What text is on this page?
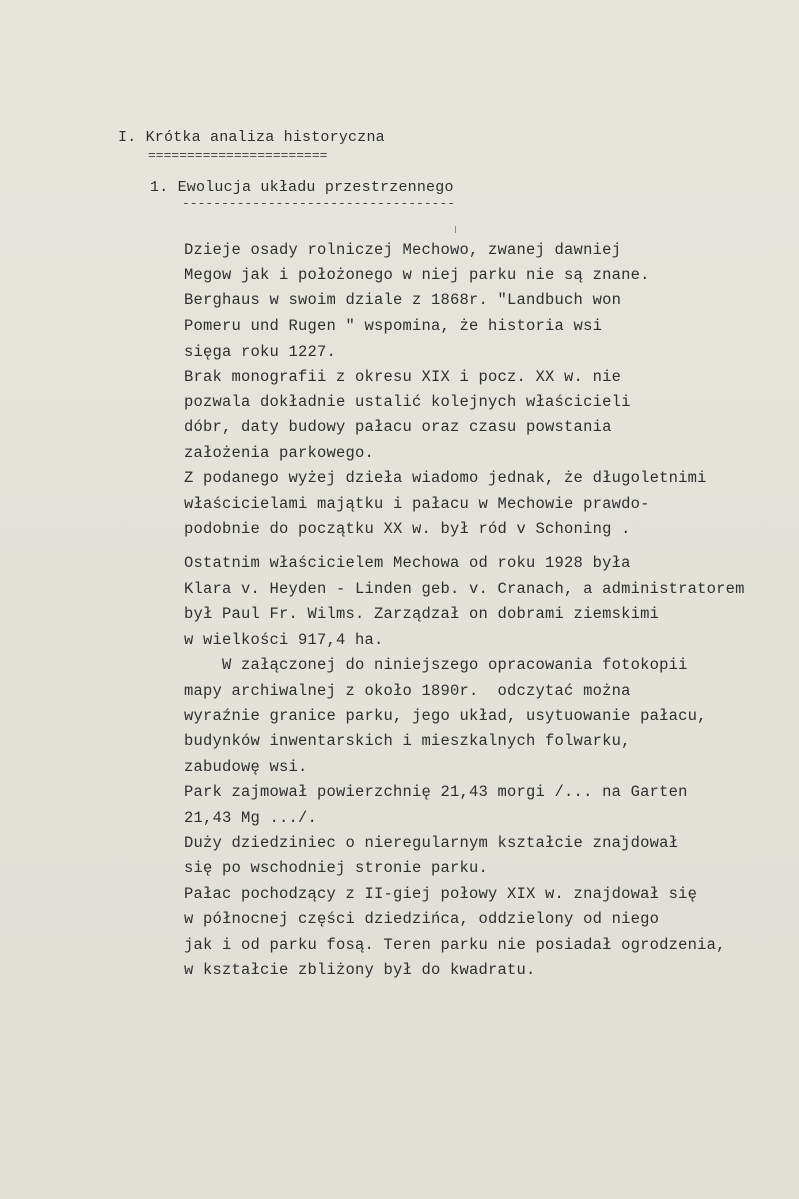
I. Krótka analiza historyczna
=======================
1. Ewolucja układu przestrzennego
-----------------------------------
Dzieje osady rolniczej Mechowo, zwanej dawniej
Megow jak i położonego w niej parku nie są znane.
Berghaus w swoim dziale z 1868r. "Landbuch won
Pomeru und Rugen " wspomina, że historia wsi
sięga roku 1227.
Brak monografii z okresu XIX i pocz. XX w. nie
pozwala dokładnie ustalić kolejnych właścicieli
dóbr, daty budowy pałacu oraz czasu powstania
założenia parkowego.
Z podanego wyżej dzieła wiadomo jednak, że długoletnimi
właścicielami majątku i pałacu w Mechowie prawdo-
podobnie do początku XX w. był ród v Schoning .
Ostatnim właścicielem Mechowa od roku 1928 była
Klara v. Heyden - Linden geb. v. Cranach, a administratorem
był Paul Fr. Wilms. Zarządzał on dobrami ziemskimi
w wielkości 917,4 ha.
W załączonej do niniejszego opracowania fotokopii
mapy archiwalnej z około 1890r.  odczytać można
wyraźnie granice parku, jego układ, usytuowanie pałacu,
budynków inwentarskich i mieszkalnych folwarku,
zabudowę wsi.
Park zajmował powierzchnię 21,43 morgi /... na Garten
21,43 Mg .../.
Duży dziedziniec o nieregularnym kształcie znajdował
się po wschodniej stronie parku.
Pałac pochodzący z II-giej połowy XIX w. znajdował się
w północnej części dziedzińca, oddzielony od niego
jak i od parku fosą. Teren parku nie posiadał ogrodzenia,
w kształcie zbliżony był do kwadratu.
